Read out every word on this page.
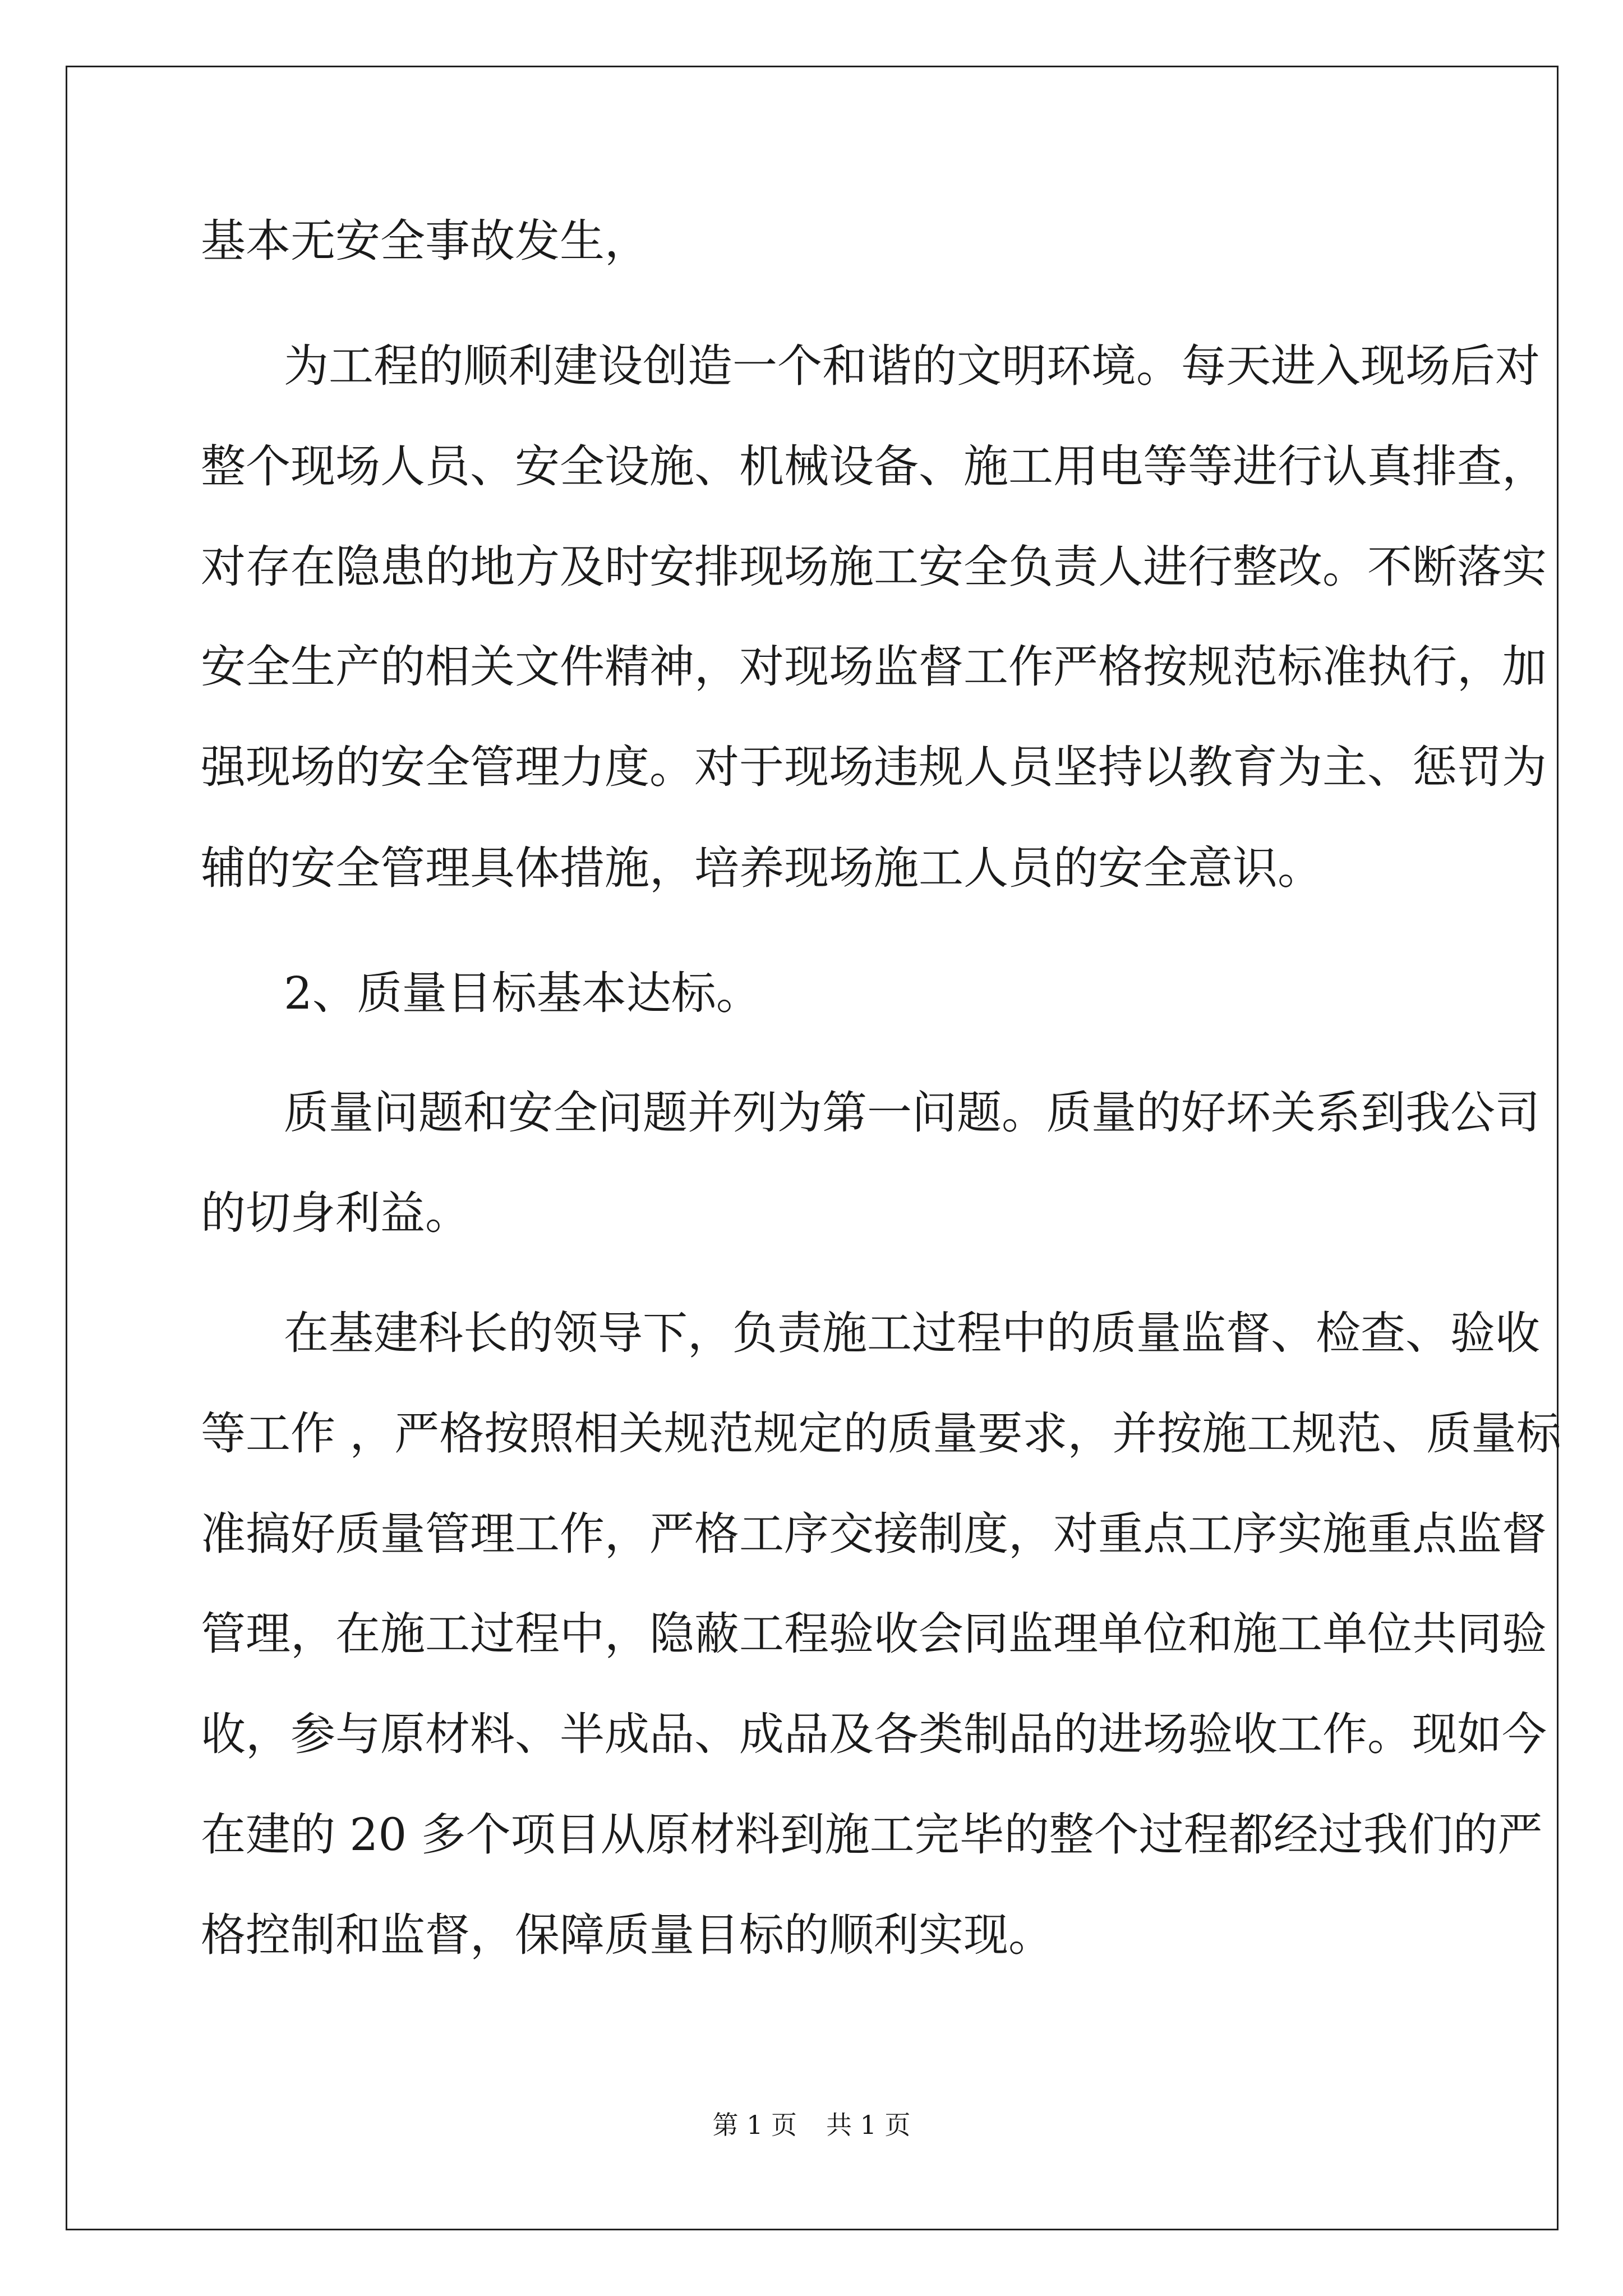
基本无安全事故发生，
为工程的顺利建设创造一个和谐的文明环境。每天进入现场后对
整个现场人员、安全设施、机械设备、施工用电等等进行认真排查，
对存在隐患的地方及时安排现场施工安全负责人进行整改。不断落实
安全生产的相关文件精神，对现场监督工作严格按规范标准执行，加
强现场的安全管理力度。对于现场违规人员坚持以教育为主、惩罚为
辅的安全管理具体措施，培养现场施工人员的安全意识。
2、质量目标基本达标。
质量问题和安全问题并列为第一问题。质量的好坏关系到我公司
的切身利益。
在基建科长的领导下，负责施工过程中的质量监督、检查、验收
等工作 ，严格按照相关规范规定的质量要求，并按施工规范、质量标
准搞好质量管理工作，严格工序交接制度，对重点工序实施重点监督
管理，在施工过程中，隐蔽工程验收会同监理单位和施工单位共同验
收，参与原材料、半成品、成品及各类制品的进场验收工作。现如今
在建的 20 多个项目从原材料到施工完毕的整个过程都经过我们的严
格控制和监督，保障质量目标的顺利实现。
第 1 页 共 1 页
